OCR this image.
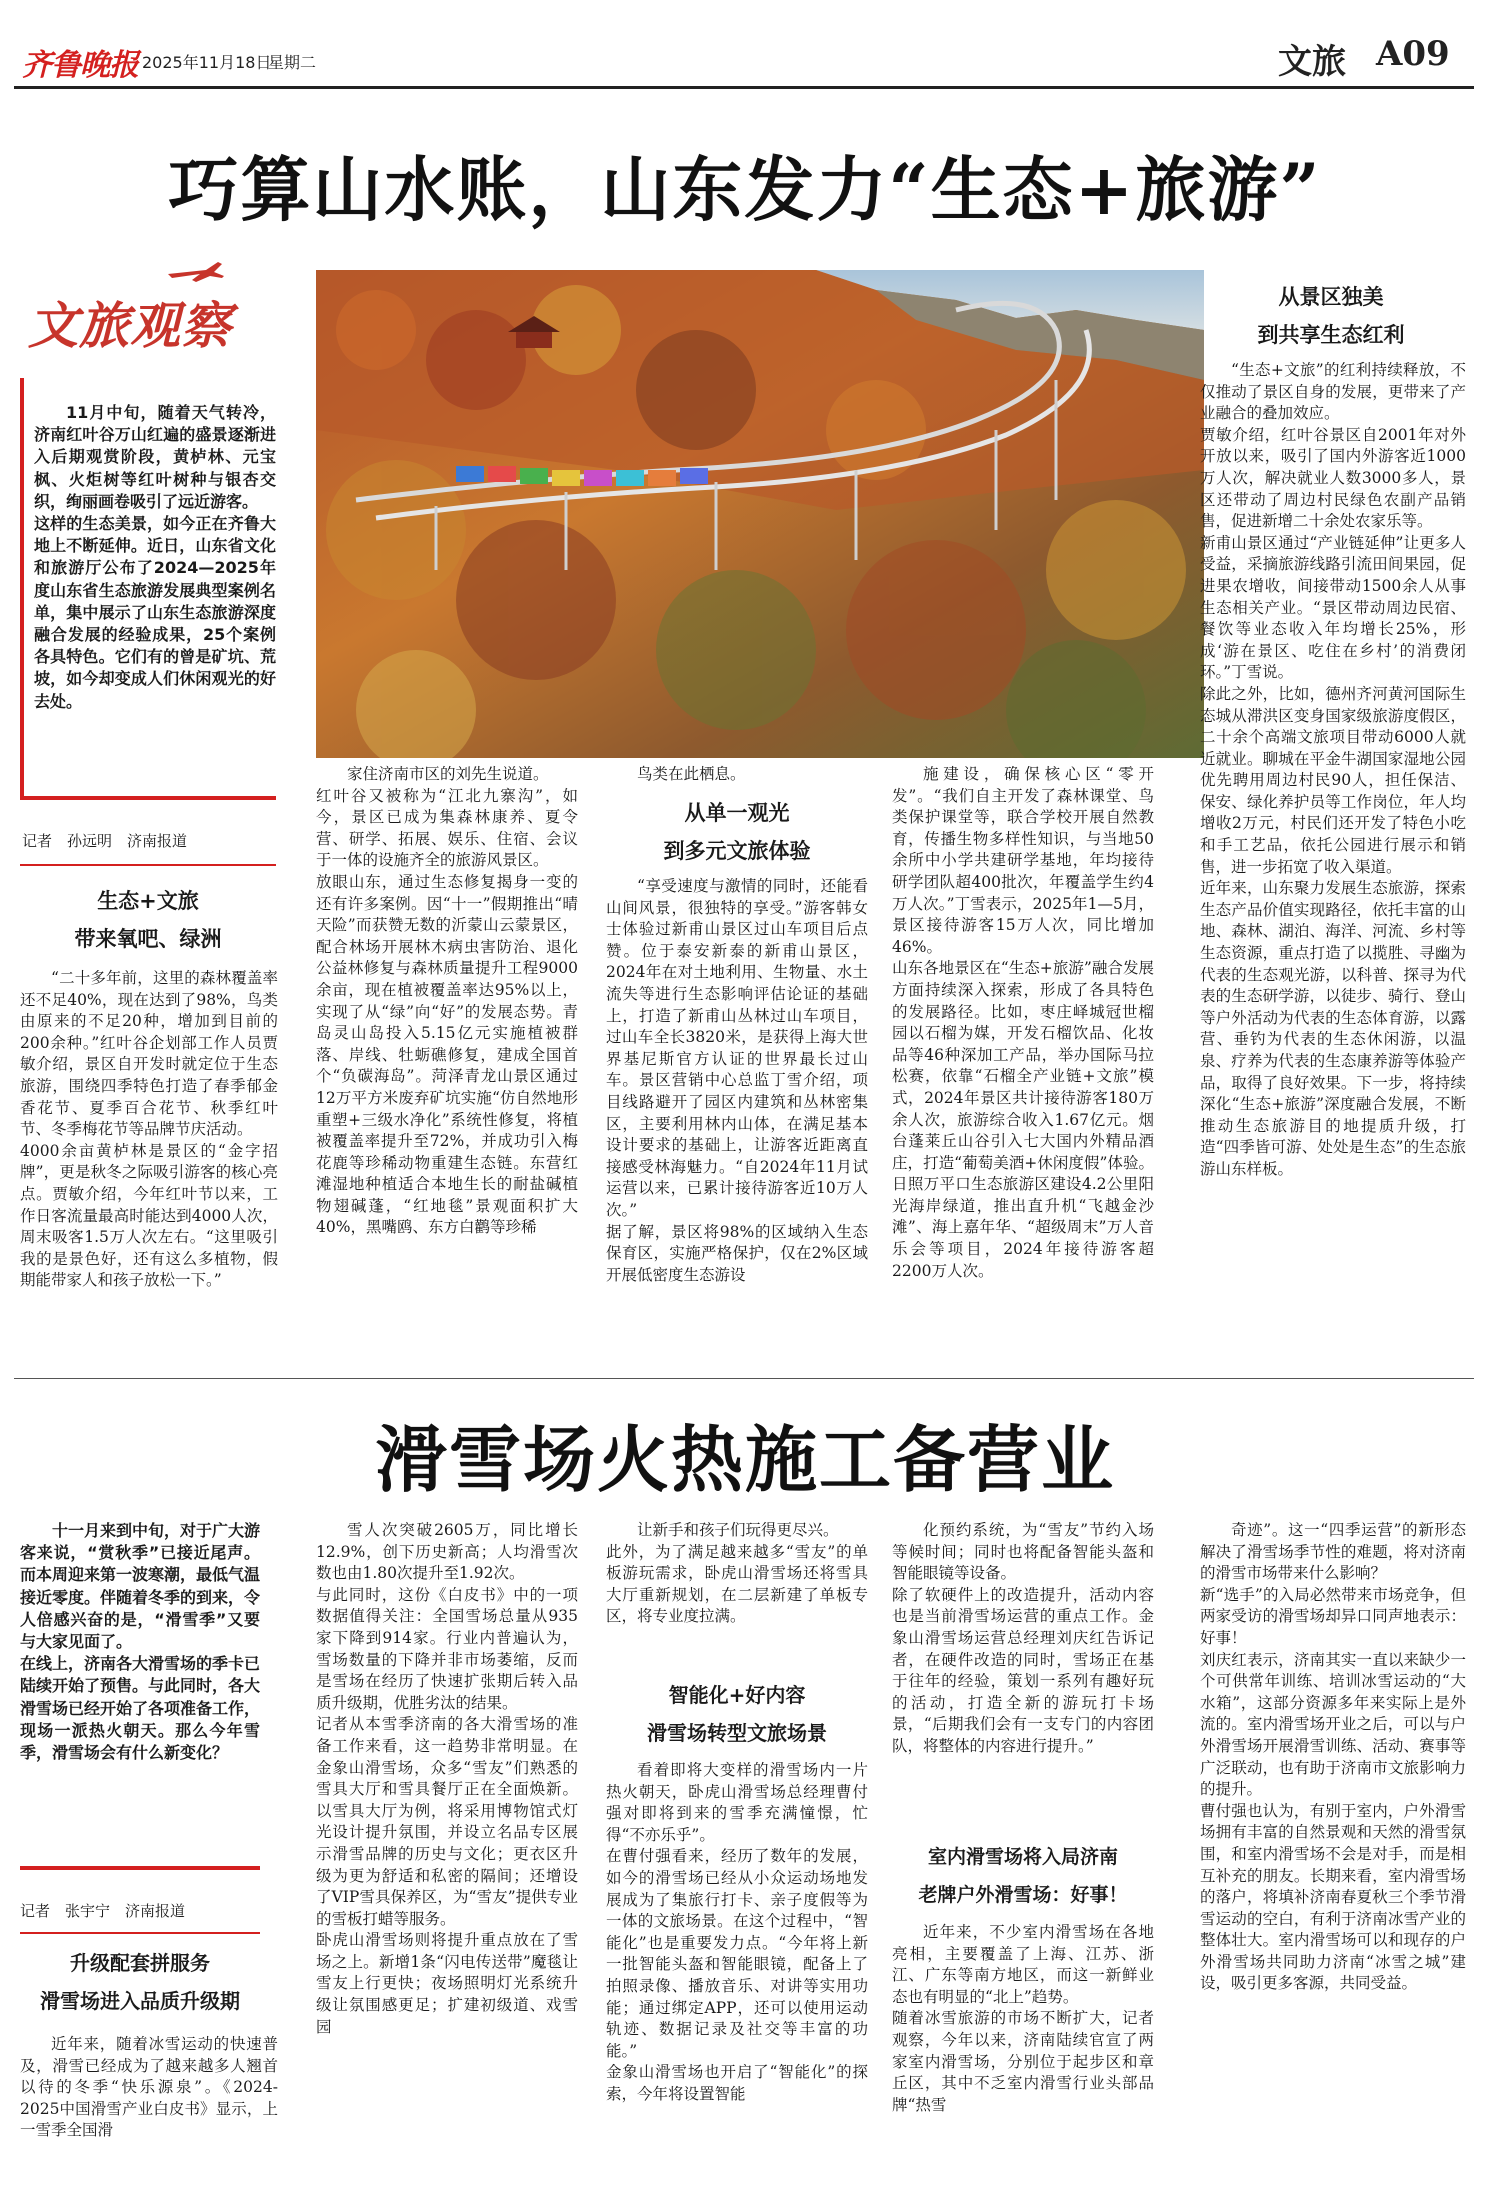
齐鲁晚报 2025年11月18日
星期二	文旅 A09
巧算山水账，山东发力“生态+旅游”
文旅观察
11月中旬，随着天气转冷，济南红叶谷万山红遍的盛景逐渐进入后期观赏阶段，黄栌林、元宝枫、火炬树等红叶树种与银杏交织，绚丽画卷吸引了远近游客。
这样的生态美景，如今正在齐鲁大地上不断延伸。近日，山东省文化和旅游厅公布了2024—2025年度山东省生态旅游发展典型案例名单，集中展示了山东生态旅游深度融合发展的经验成果，25个案例各具特色。它们有的曾是矿坑、荒坡，如今却变成人们休闲观光的好去处。
记者　孙远明　济南报道
生态+文旅
带来氧吧、绿洲
“二十多年前，这里的森林覆盖率还不足40%，现在达到了98%，鸟类由原来的不足20种，增加到目前的200余种。”红叶谷企划部工作人员贾敏介绍，景区自开发时就定位于生态旅游，围绕四季特色打造了春季郁金香花节、夏季百合花节、秋季红叶节、冬季梅花节等品牌节庆活动。
4000余亩黄栌林是景区的“金字招牌”，更是秋冬之际吸引游客的核心亮点。贾敏介绍，今年红叶节以来，工作日客流量最高时能达到4000人次，周末吸客1.5万人次左右。“这里吸引我的是景色好，还有这么多植物，假期能带家人和孩子放松一下。”
家住济南市区的刘先生说道。
红叶谷又被称为“江北九寨沟”，如今，景区已成为集森林康养、夏令营、研学、拓展、娱乐、住宿、会议于一体的设施齐全的旅游风景区。
放眼山东，通过生态修复揭身一变的还有许多案例。因“十一”假期推出“晴天险”而获赞无数的沂蒙山云蒙景区，配合林场开展林木病虫害防治、退化公益林修复与森林质量提升工程9000余亩，现在植被覆盖率达95%以上，实现了从“绿”向“好”的发展态势。青岛灵山岛投入5.15亿元实施植被群落、岸线、牡蛎礁修复，建成全国首个“负碳海岛”。菏泽青龙山景区通过12万平方米废弃矿坑实施“仿自然地形重塑+三级水净化”系统性修复，将植被覆盖率提升至72%，并成功引入梅花鹿等珍稀动物重建生态链。东营红滩湿地种植适合本地生长的耐盐碱植物翅碱蓬，“红地毯”景观面积扩大40%，黑嘴鸥、东方白鹳等珍稀
鸟类在此栖息。
从单一观光
到多元文旅体验
“享受速度与激情的同时，还能看山间风景，很独特的享受。”游客韩女士体验过新甫山景区过山车项目后点赞。位于泰安新泰的新甫山景区，2024年在对土地利用、生物量、水土流失等进行生态影响评估论证的基础上，打造了新甫山丛林过山车项目，过山车全长3820米，是获得上海大世界基尼斯官方认证的世界最长过山车。景区营销中心总监丁雪介绍，项目线路避开了园区内建筑和丛林密集区，主要利用林内山体，在满足基本设计要求的基础上，让游客近距离直接感受林海魅力。“自2024年11月试运营以来，已累计接待游客近10万人次。”
据了解，景区将98%的区域纳入生态保育区，实施严格保护，仅在2%区域开展低密度生态游设
施建设，确保核心区“零开发”。“我们自主开发了森林课堂、鸟类保护课堂等，联合学校开展自然教育，传播生物多样性知识，与当地50余所中小学共建研学基地，年均接待研学团队超400批次，年覆盖学生约4万人次。”丁雪表示，2025年1—5月，景区接待游客15万人次，同比增加46%。
山东各地景区在“生态+旅游”融合发展方面持续深入探索，形成了各具特色的发展路径。比如，枣庄峄城冠世榴园以石榴为媒，开发石榴饮品、化妆品等46种深加工产品，举办国际马拉松赛，依靠“石榴全产业链+文旅”模式，2024年景区共计接待游客180万余人次，旅游综合收入1.67亿元。烟台蓬莱丘山谷引入七大国内外精品酒庄，打造“葡萄美酒+休闲度假”体验。日照万平口生态旅游区建设4.2公里阳光海岸绿道，推出直升机“飞越金沙滩”、海上嘉年华、“超级周末”万人音乐会等项目，2024年接待游客超2200万人次。
从景区独美
到共享生态红利
“生态+文旅”的红利持续释放，不仅推动了景区自身的发展，更带来了产业融合的叠加效应。
贾敏介绍，红叶谷景区自2001年对外开放以来，吸引了国内外游客近1000万人次，解决就业人数3000多人，景区还带动了周边村民绿色农副产品销售，促进新增二十余处农家乐等。
新甫山景区通过“产业链延伸”让更多人受益，采摘旅游线路引流田间果园，促进果农增收，间接带动1500余人从事生态相关产业。“景区带动周边民宿、餐饮等业态收入年均增长25%，形成‘游在景区、吃住在乡村’的消费闭环。”丁雪说。
除此之外，比如，德州齐河黄河国际生态城从滞洪区变身国家级旅游度假区，二十余个高端文旅项目带动6000人就近就业。聊城在平金牛湖国家湿地公园优先聘用周边村民90人，担任保洁、保安、绿化养护员等工作岗位，年人均增收2万元，村民们还开发了特色小吃和手工艺品，依托公园进行展示和销售，进一步拓宽了收入渠道。
近年来，山东聚力发展生态旅游，探索生态产品价值实现路径，依托丰富的山地、森林、湖泊、海洋、河流、乡村等生态资源，重点打造了以揽胜、寻幽为代表的生态观光游，以科普、探寻为代表的生态研学游，以徒步、骑行、登山等户外活动为代表的生态体育游，以露营、垂钓为代表的生态休闲游，以温泉、疗养为代表的生态康养游等体验产品，取得了良好效果。下一步，将持续深化“生态+旅游”深度融合发展，不断推动生态旅游目的地提质升级，打造“四季皆可游、处处是生态”的生态旅游山东样板。
滑雪场火热施工备营业
十一月来到中旬，对于广大游客来说，“赏秋季”已接近尾声。而本周迎来第一波寒潮，最低气温接近零度。伴随着冬季的到来，令人倍感兴奋的是，“滑雪季”又要与大家见面了。
在线上，济南各大滑雪场的季卡已陆续开始了预售。与此同时，各大滑雪场已经开始了各项准备工作，现场一派热火朝天。那么今年雪季，滑雪场会有什么新变化？
记者　张宇宁　济南报道
升级配套拼服务
滑雪场进入品质升级期
近年来，随着冰雪运动的快速普及，滑雪已经成为了越来越多人翘首以待的冬季“快乐源泉”。《2024-2025中国滑雪产业白皮书》显示，上一雪季全国滑
雪人次突破2605万，同比增长12.9%，创下历史新高；人均滑雪次数也由1.80次提升至1.92次。
与此同时，这份《白皮书》中的一项数据值得关注：全国雪场总量从935家下降到914家。行业内普遍认为，雪场数量的下降并非市场萎缩，反而是雪场在经历了快速扩张期后转入品质升级期，优胜劣汰的结果。
记者从本雪季济南的各大滑雪场的准备工作来看，这一趋势非常明显。在金象山滑雪场，众多“雪友”们熟悉的雪具大厅和雪具餐厅正在全面焕新。以雪具大厅为例，将采用博物馆式灯光设计提升氛围，并设立名品专区展示滑雪品牌的历史与文化；更衣区升级为更为舒适和私密的隔间；还增设了VIP雪具保养区，为“雪友”提供专业的雪板打蜡等服务。
卧虎山滑雪场则将提升重点放在了雪场之上。新增1条“闪电传送带”魔毯让雪友上行更快；夜场照明灯光系统升级让氛围感更足；扩建初级道、戏雪园
让新手和孩子们玩得更尽兴。
此外，为了满足越来越多“雪友”的单板游玩需求，卧虎山滑雪场还将雪具大厅重新规划，在二层新建了单板专区，将专业度拉满。
智能化+好内容
滑雪场转型文旅场景
看着即将大变样的滑雪场内一片热火朝天，卧虎山滑雪场总经理曹付强对即将到来的雪季充满憧憬，忙得“不亦乐乎”。
在曹付强看来，经历了数年的发展，如今的滑雪场已经从小众运动场地发展成为了集旅行打卡、亲子度假等为一体的文旅场景。在这个过程中，“智能化”也是重要发力点。“今年将上新一批智能头盔和智能眼镜，配备上了拍照录像、播放音乐、对讲等实用功能；通过绑定APP，还可以使用运动轨迹、数据记录及社交等丰富的功能。”
金象山滑雪场也开启了“智能化”的探索，今年将设置智能
化预约系统，为“雪友”节约入场等候时间；同时也将配备智能头盔和智能眼镜等设备。
除了软硬件上的改造提升，活动内容也是当前滑雪场运营的重点工作。金象山滑雪场运营总经理刘庆红告诉记者，在硬件改造的同时，雪场正在基于往年的经验，策划一系列有趣好玩的活动，打造全新的游玩打卡场景，“后期我们会有一支专门的内容团队，将整体的内容进行提升。”
室内滑雪场将入局济南
老牌户外滑雪场：好事！
近年来，不少室内滑雪场在各地亮相，主要覆盖了上海、江苏、浙江、广东等南方地区，而这一新鲜业态也有明显的“北上”趋势。
随着冰雪旅游的市场不断扩大，记者观察，今年以来，济南陆续官宣了两家室内滑雪场，分别位于起步区和章丘区，其中不乏室内滑雪行业头部品牌“热雪
奇迹”。这一“四季运营”的新形态解决了滑雪场季节性的难题，将对济南的滑雪市场带来什么影响？
新“选手”的入局必然带来市场竞争，但两家受访的滑雪场却异口同声地表示：好事！
刘庆红表示，济南其实一直以来缺少一个可供常年训练、培训冰雪运动的“大水箱”，这部分资源多年来实际上是外流的。室内滑雪场开业之后，可以与户外滑雪场开展滑雪训练、活动、赛事等广泛联动，也有助于济南市文旅影响力的提升。
曹付强也认为，有别于室内，户外滑雪场拥有丰富的自然景观和天然的滑雪氛围，和室内滑雪场不会是对手，而是相互补充的朋友。长期来看，室内滑雪场的落户，将填补济南春夏秋三个季节滑雪运动的空白，有利于济南冰雪产业的整体壮大。室内滑雪场可以和现存的户外滑雪场共同助力济南“冰雪之城”建设，吸引更多客源，共同受益。
